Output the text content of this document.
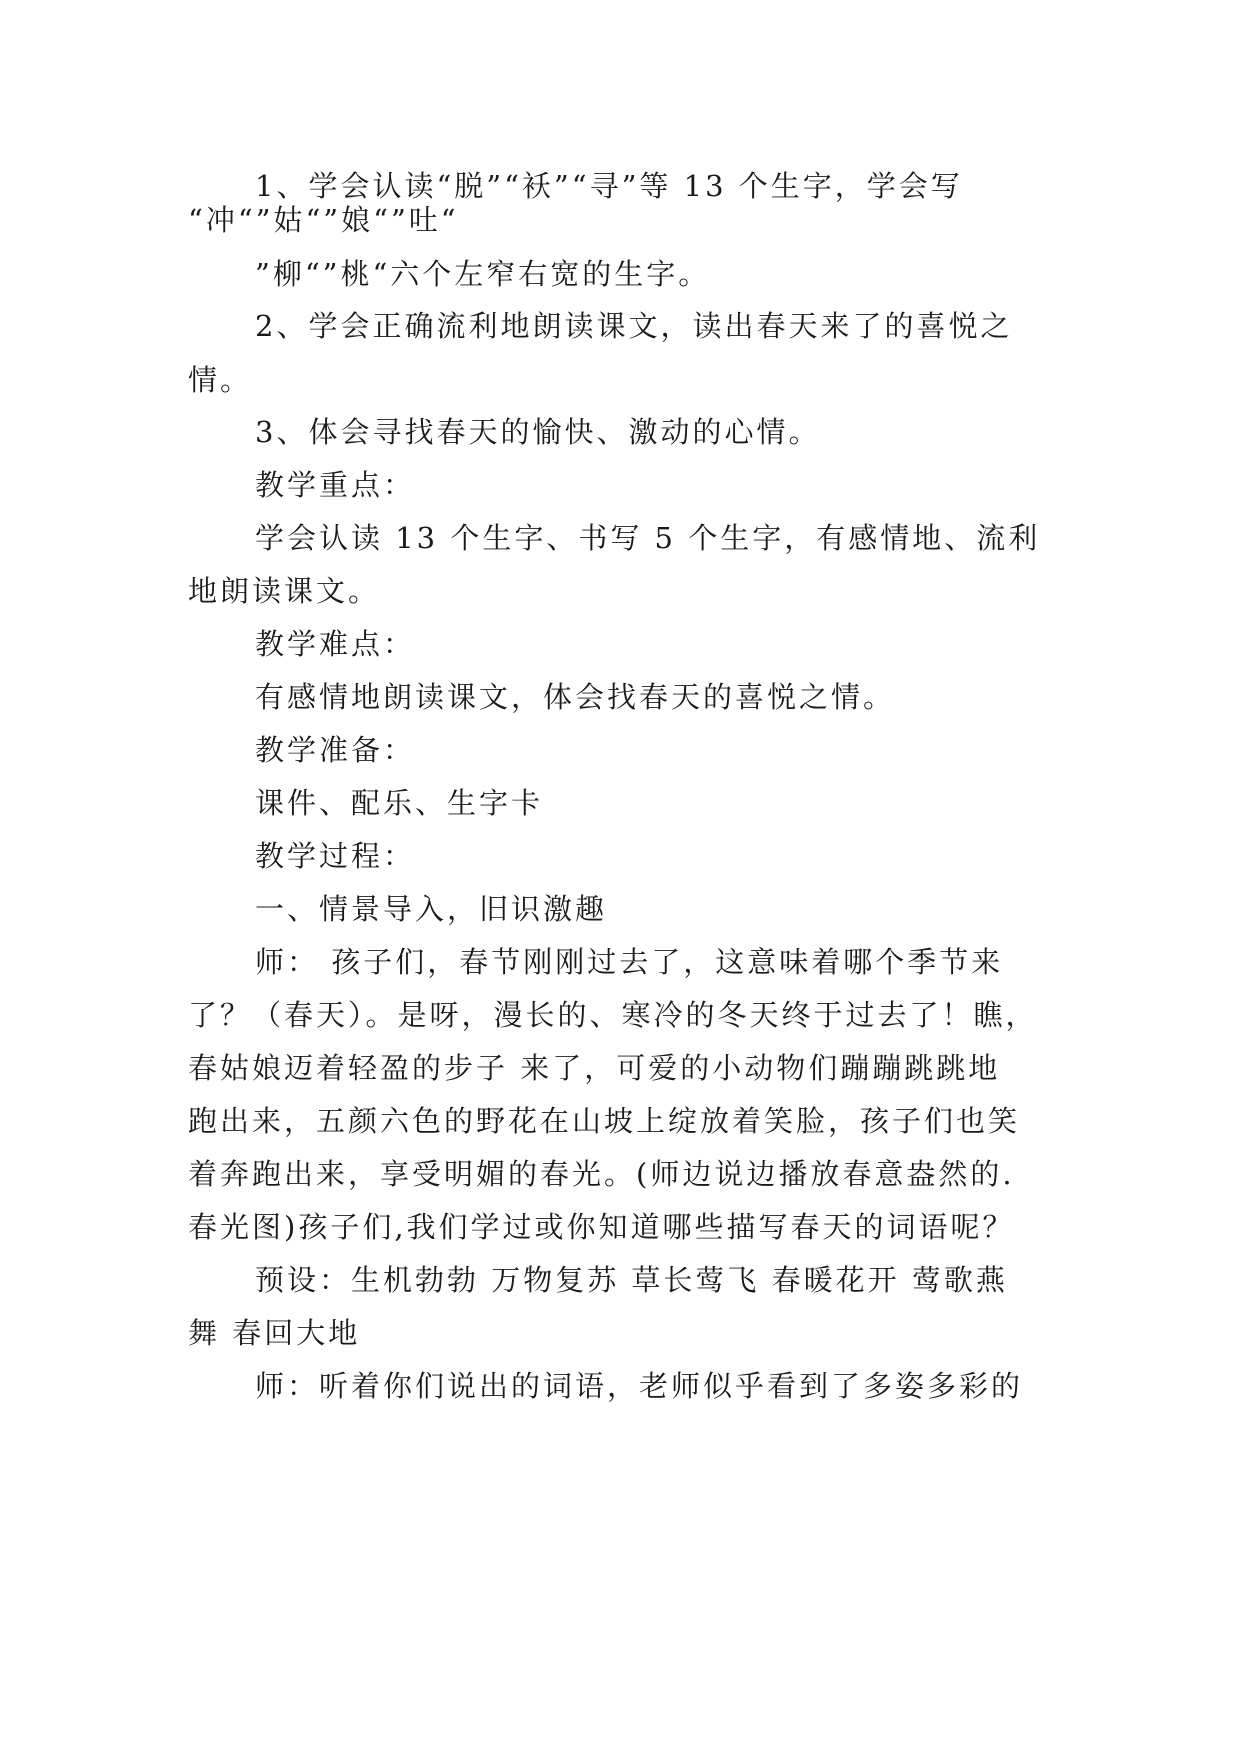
1、学会认读“脱”“袄”“寻”等 13 个生字，学会写
“冲“”姑“”娘“”吐“
”柳“”桃“六个左窄右宽的生字。
2、学会正确流利地朗读课文，读出春天来了的喜悦之
情。
3、体会寻找春天的愉快、激动的心情。
教学重点：
学会认读 13 个生字、书写 5 个生字，有感情地、流利
地朗读课文。
教学难点：
有感情地朗读课文，体会找春天的喜悦之情。
教学准备：
课件、配乐、生字卡
教学过程：
一、情景导入，旧识激趣
师： 孩子们，春节刚刚过去了，这意味着哪个季节来
了？（春天）。是呀，漫长的、寒冷的冬天终于过去了！瞧，
春姑娘迈着轻盈的步子 来了，可爱的小动物们蹦蹦跳跳地
跑出来，五颜六色的野花在山坡上绽放着笑脸，孩子们也笑
着奔跑出来，享受明媚的春光。(师边说边播放春意盎然的.
春光图)孩子们,我们学过或你知道哪些描写春天的词语呢？
预设：生机勃勃 万物复苏 草长莺飞 春暖花开 莺歌燕
舞 春回大地
师：听着你们说出的词语，老师似乎看到了多姿多彩的
